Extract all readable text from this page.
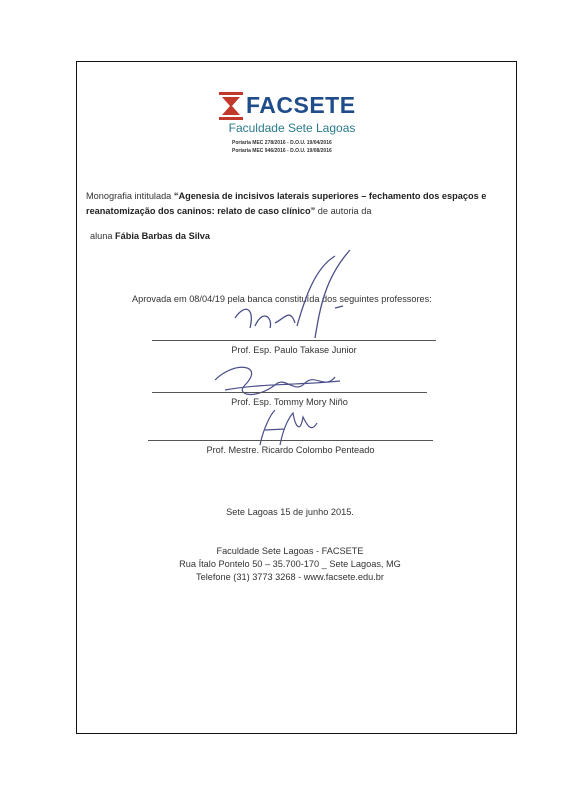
FACSETE
Faculdade Sete Lagoas
Portaria MEC 278/2016 - D.O.U. 19/04/2016
Portaria MEC 946/2016 - D.O.U. 19/08/2016
Monografia intitulada “Agenesia de incisivos laterais superiores – fechamento dos espaços e
reanatomização dos caninos: relato de caso clínico” de autoria da
aluna Fábia Barbas da Silva
Aprovada em 08/04/19 pela banca constituída dos seguintes professores:
Prof. Esp. Paulo Takase Junior
Prof. Esp. Tommy Mory Niño
Prof. Mestre. Ricardo Colombo Penteado
Sete Lagoas 15 de junho 2015.
Faculdade Sete Lagoas - FACSETE
Rua Ítalo Pontelo 50 – 35.700-170 _ Sete Lagoas, MG
Telefone (31) 3773 3268 - www.facsete.edu.br
